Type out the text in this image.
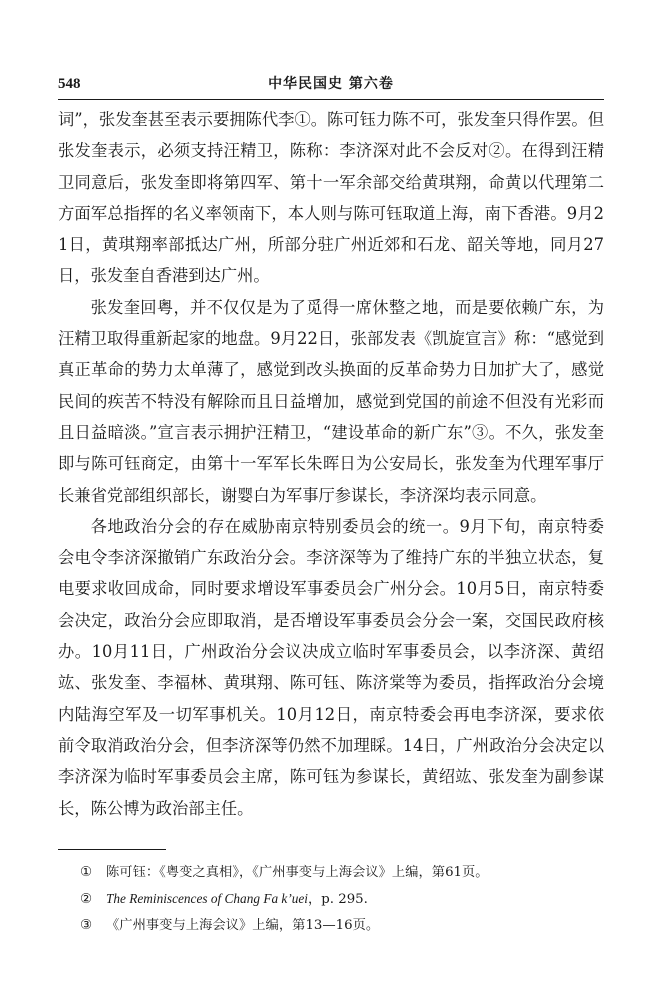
548	中华民国史 第六卷

词”，张发奎甚至表示要拥陈代李①。陈可钰力陈不可，张发奎只得作罢。但张发奎表示，必须支持汪精卫，陈称：李济深对此不会反对②。在得到汪精卫同意后，张发奎即将第四军、第十一军余部交给黄琪翔，命黄以代理第二方面军总指挥的名义率领南下，本人则与陈可钰取道上海，南下香港。9月21日，黄琪翔率部抵达广州，所部分驻广州近郊和石龙、韶关等地，同月27日，张发奎自香港到达广州。

张发奎回粤，并不仅仅是为了觅得一席休整之地，而是要依赖广东，为汪精卫取得重新起家的地盘。9月22日，张部发表《凯旋宣言》称：“感觉到真正革命的势力太单薄了，感觉到改头换面的反革命势力日加扩大了，感觉民间的疾苦不特没有解除而且日益增加，感觉到党国的前途不但没有光彩而且日益暗淡。”宣言表示拥护汪精卫，“建设革命的新广东”③。不久，张发奎即与陈可钰商定，由第十一军军长朱晖日为公安局长，张发奎为代理军事厅长兼省党部组织部长，谢婴白为军事厅参谋长，李济深均表示同意。

各地政治分会的存在威胁南京特别委员会的统一。9月下旬，南京特委会电令李济深撤销广东政治分会。李济深等为了维持广东的半独立状态，复电要求收回成命，同时要求增设军事委员会广州分会。10月5日，南京特委会决定，政治分会应即取消，是否增设军事委员会分会一案，交国民政府核办。10月11日，广州政治分会议决成立临时军事委员会，以李济深、黄绍竑、张发奎、李福林、黄琪翔、陈可钰、陈济棠等为委员，指挥政治分会境内陆海空军及一切军事机关。10月12日，南京特委会再电李济深，要求依前令取消政治分会，但李济深等仍然不加理睬。14日，广州政治分会决定以李济深为临时军事委员会主席，陈可钰为参谋长，黄绍竑、张发奎为副参谋长，陈公博为政治部主任。

①	陈可钰：《粤变之真相》，《广州事变与上海会议》上编，第61页。
②	The Reminiscences of Chang Fa k’uei，p. 295.
③	《广州事变与上海会议》上编，第13—16页。
